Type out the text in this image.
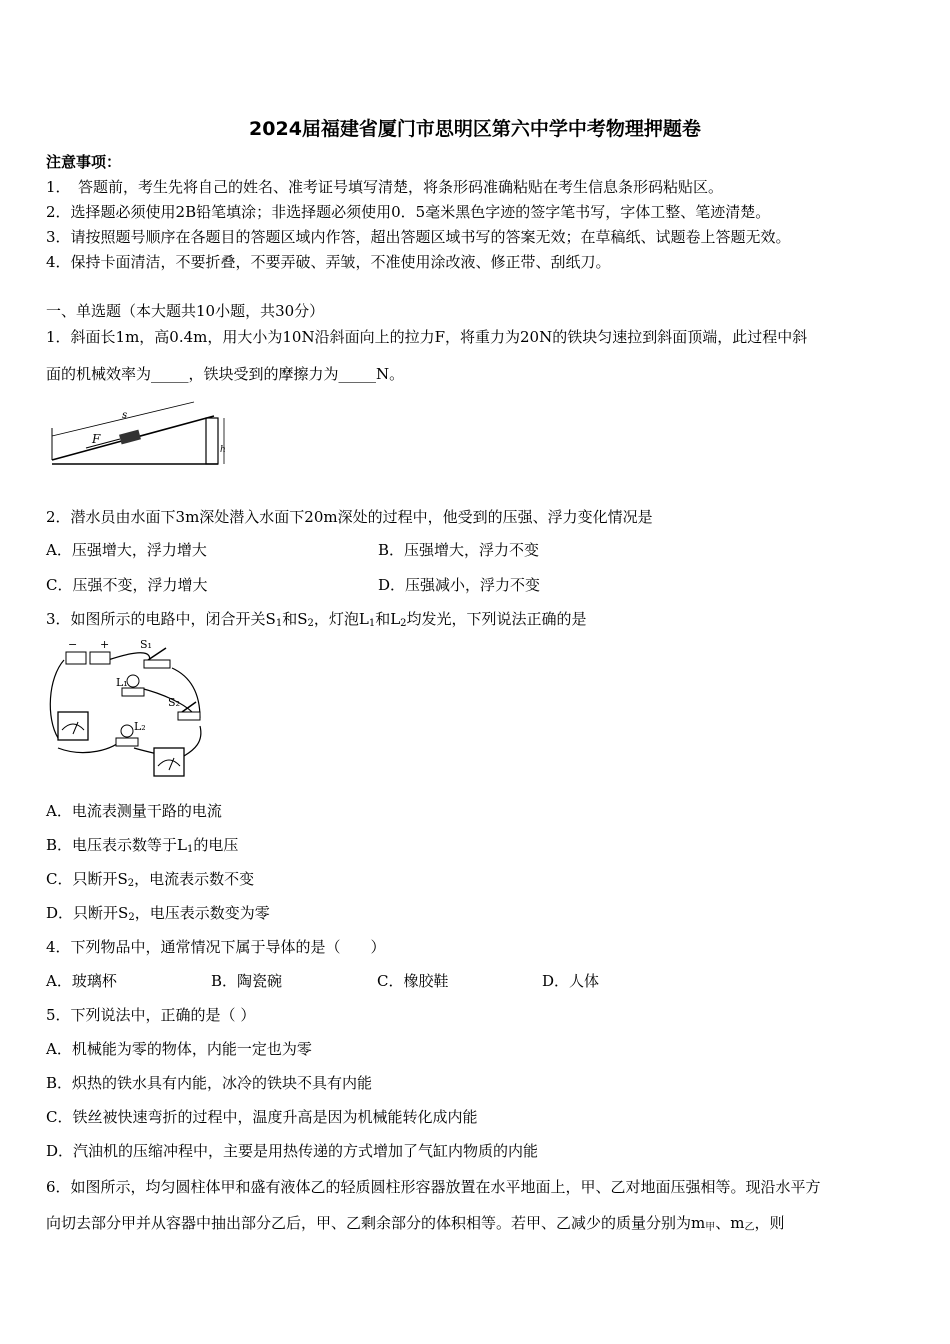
2024届福建省厦门市思明区第六中学中考物理押题卷
注意事项：
1．　答题前，考生先将自己的姓名、准考证号填写清楚，将条形码准确粘贴在考生信息条形码粘贴区。
2．选择题必须使用2B铅笔填涂；非选择题必须使用0．5毫米黑色字迹的签字笔书写，字体工整、笔迹清楚。
3．请按照题号顺序在各题目的答题区域内作答，超出答题区域书写的答案无效；在草稿纸、试题卷上答题无效。
4．保持卡面清洁，不要折叠，不要弄破、弄皱，不准使用涂改液、修正带、刮纸刀。
一、单选题（本大题共10小题，共30分）
1．斜面长1m，高0.4m，用大小为10N沿斜面向上的拉力F，将重力为20N的铁块匀速拉到斜面顶端，此过程中斜
面的机械效率为_____，铁块受到的摩擦力为_____N。
s
F
h
2．潜水员由水面下3m深处潜入水面下20m深处的过程中，他受到的压强、浮力变化情况是
A．压强增大，浮力增大	B．压强增大，浮力不变
C．压强不变，浮力增大	D．压强减小，浮力不变
3．如图所示的电路中，闭合开关$S_1$和$S_2$，灯泡$L_1$和$L_2$均发光，下列说法正确的是
− +	S₁
L₁
S₂
L₂
A．电流表测量干路的电流
B．电压表示数等于$L_1$的电压
C．只断开$S_2$，电流表示数不变
D．只断开$S_2$，电压表示数变为零
4．下列物品中，通常情况下属于导体的是（　　）
A．玻璃杯	B．陶瓷碗	C．橡胶鞋	D．人体
5．下列说法中，正确的是（ ）
A．机械能为零的物体，内能一定也为零
B．炽热的铁水具有内能，冰冷的铁块不具有内能
C．铁丝被快速弯折的过程中，温度升高是因为机械能转化成内能
D．汽油机的压缩冲程中，主要是用热传递的方式增加了气缸内物质的内能
6．如图所示，均匀圆柱体甲和盛有液体乙的轻质圆柱形容器放置在水平地面上，甲、乙对地面压强相等。现沿水平方
向切去部分甲并从容器中抽出部分乙后，甲、乙剩余部分的体积相等。若甲、乙减少的质量分别为$m_甲$、$m_乙$，则
